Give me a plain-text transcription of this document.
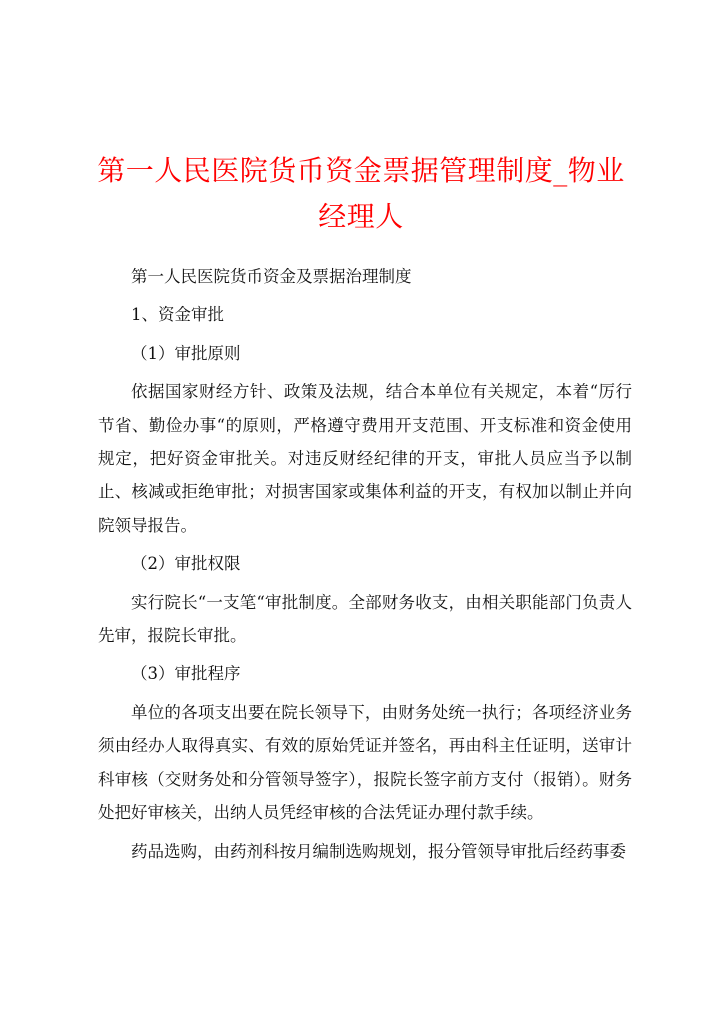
第一人民医院货币资金票据管理制度_物业经理人

第一人民医院货币资金及票据治理制度

1、资金审批

（1）审批原则

依据国家财经方针、政策及法规，结合本单位有关规定，本着“厉行节省、勤俭办事“的原则，严格遵守费用开支范围、开支标准和资金使用规定，把好资金审批关。对违反财经纪律的开支，审批人员应当予以制止、核减或拒绝审批；对损害国家或集体利益的开支，有权加以制止并向院领导报告。

（2）审批权限

实行院长“一支笔“审批制度。全部财务收支，由相关职能部门负责人先审，报院长审批。

（3）审批程序

单位的各项支出要在院长领导下，由财务处统一执行；各项经济业务须由经办人取得真实、有效的原始凭证并签名，再由科主任证明，送审计科审核（交财务处和分管领导签字），报院长签字前方支付（报销）。财务处把好审核关，出纳人员凭经审核的合法凭证办理付款手续。

药品选购，由药剂科按月编制选购规划，报分管领导审批后经药事委
